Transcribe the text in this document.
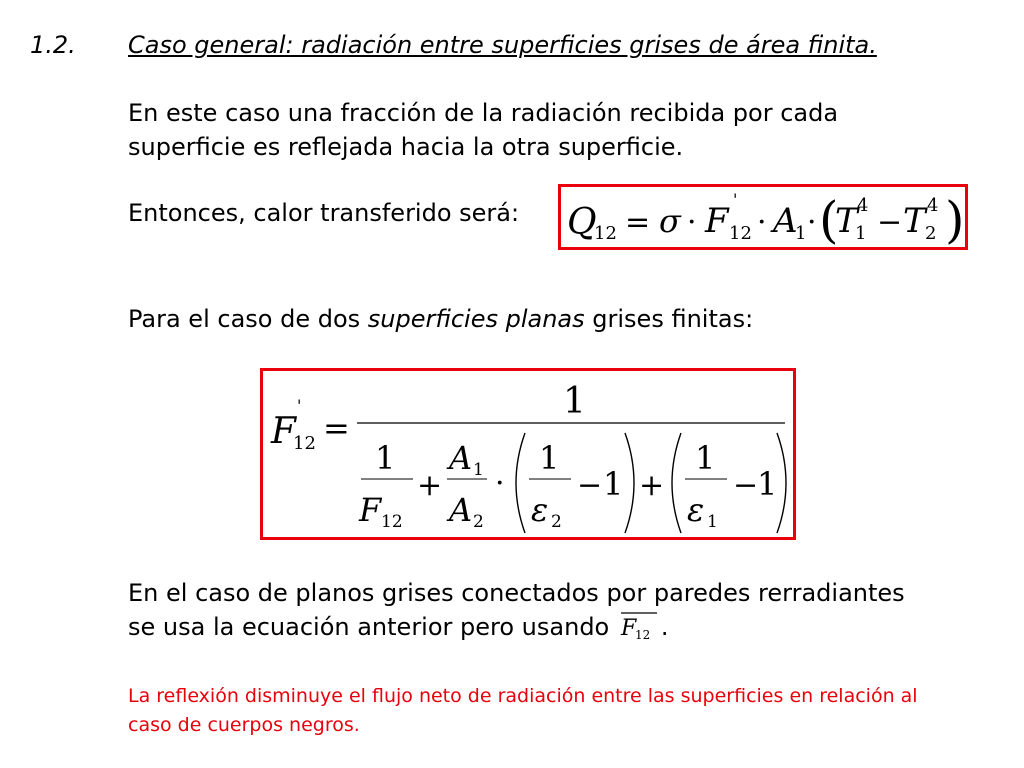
1.2. Caso general: radiación entre superficies grises de área finita.
En este caso una fracción de la radiación recibida por cada
superficie es reflejada hacia la otra superficie.
Entonces, calor transferido será: Q
12 = σ · F
'
12 · A
1 · (
T 4
1 − T 4
2 )
Para el caso de dos superficies planas grises finitas:
F
'
12 =
1
1
F 12
+
A 1
A 2
·
1
ε 2
− 1 +
1
ε 1
−
1
En el caso de planos grises conectados por paredes rerradiantes
se usa la ecuación anterior pero usando F
12 .
La reflexión disminuye el flujo neto de radiación entre las superficies en relación al
caso de cuerpos negros.
